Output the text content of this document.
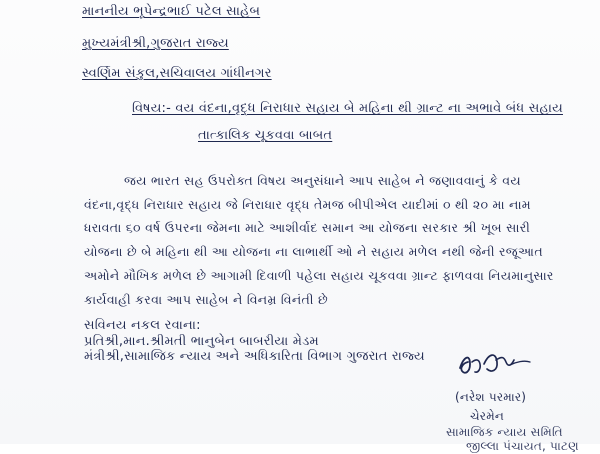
માનનીય ભૂપેન્દ્રભાઈ પટેલ સાહેબ
મુખ્યમંત્રીશ્રી,ગુજરાત રાજ્ય
સ્વર્ણિમ સંકુલ,સચિવાલય ગાંધીનગર
વિષય:- વય વંદના,વૃદ્ધ નિરાધાર સહાય બે મહિના થી ગ્રાન્ટ ના અભાવે બંધ સહાય
તાત્કાલિક ચૂકવવા બાબત
જય ભારત સહ ઉપરોક્ત વિષય અનુસંધાને આપ સાહેબ ને જણાવવાનું કે વય
વંદના,વૃદ્ધ નિરાધાર સહાય જે નિરાધાર વૃદ્ધ તેમજ બીપીએલ યાદીમાં ૦ થી ૨૦ મા નામ
ધરાવતા ૬૦ વર્ષ ઉપરના જેમના માટે આશીર્વાદ સમાન આ યોજના સરકાર શ્રી ખૂબ સારી
યોજના છે બે મહિના થી આ યોજના ના લાભાર્થી ઓ ને સહાય મળેલ નથી જેની રજૂઆત
અમોને મૌખિક મળેલ છે આગામી દિવાળી પહેલા સહાય ચૂકવવા ગ્રાન્ટ ફાળવવા નિયમાનુસાર
કાર્યવાહી કરવા આપ સાહેબ ને વિનમ્ર વિનંતી છે
સવિનય નકલ રવાના:
પ્રતિશ્રી,માન.શ્રીમતી ભાનુબેન બાબરીયા મેડમ
મંત્રીશ્રી,સામાજિક ન્યાય અને અધિકારિતા વિભાગ ગુજરાત રાજ્ય
(નરેશ પરમાર)
ચેરમેન
સામાજિક ન્યાય સમિતિ
જીલ્લા પંચાયત, પાટણ
